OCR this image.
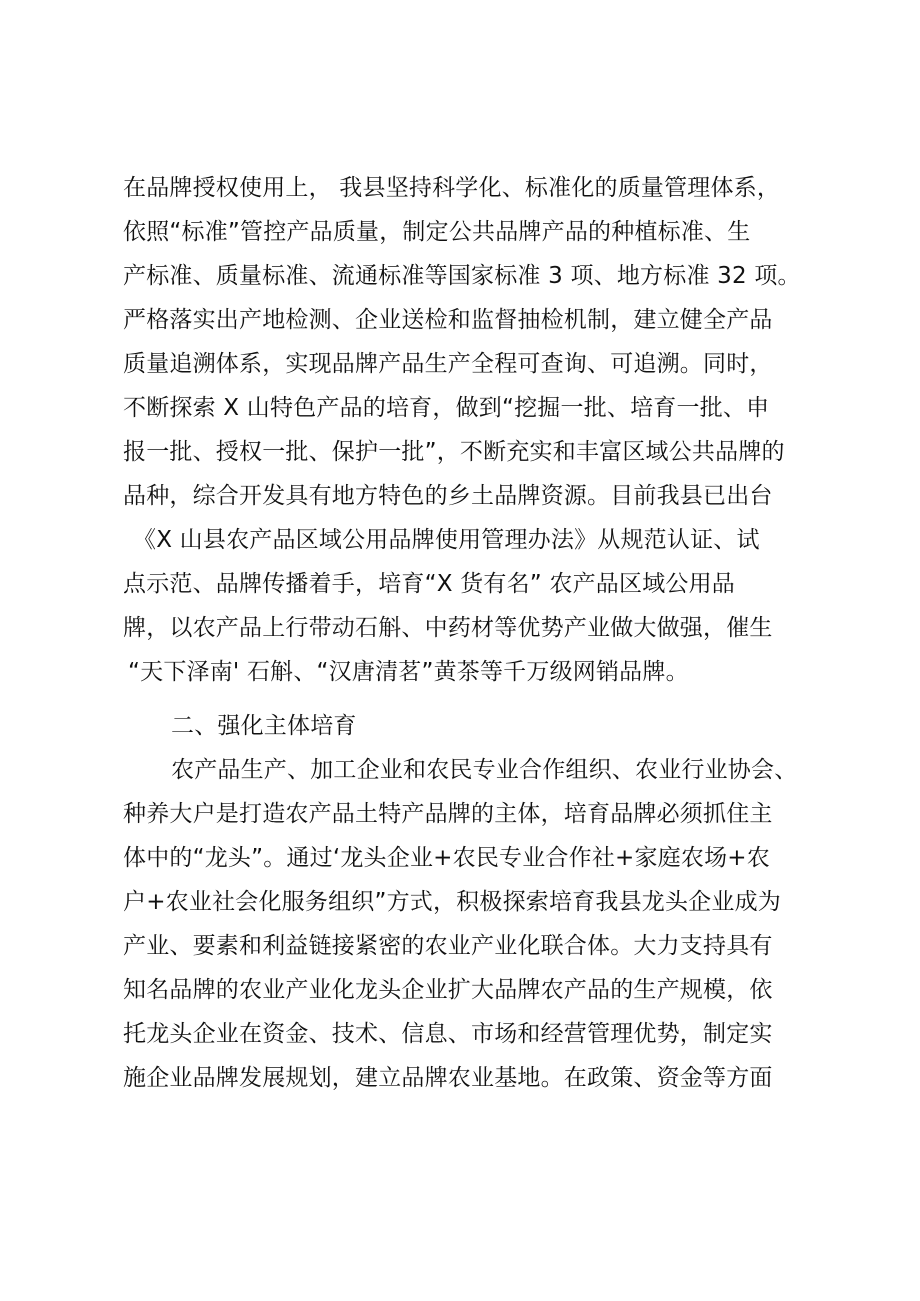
在品牌授权使用上， 我县坚持科学化、标准化的质量管理体系，
依照“标准”管控产品质量，制定公共品牌产品的种植标准、生
产标准、质量标准、流通标准等国家标准 3 项、地方标准 32 项。
严格落实出产地检测、企业送检和监督抽检机制，建立健全产品
质量追溯体系，实现品牌产品生产全程可查询、可追溯。同时，
不断探索 X 山特色产品的培育，做到“挖掘一批、培育一批、申
报一批、授权一批、保护一批”，不断充实和丰富区域公共品牌的
品种，综合开发具有地方特色的乡土品牌资源。目前我县已出台
《X 山县农产品区域公用品牌使用管理办法》从规范认证、试
点示范、品牌传播着手，培育“X 货有名” 农产品区域公用品
牌，以农产品上行带动石斛、中药材等优势产业做大做强，催生
“天下泽南' 石斛、“汉唐清茗”黄茶等千万级网销品牌。
二、强化主体培育
农产品生产、加工企业和农民专业合作组织、农业行业协会、
种养大户是打造农产品土特产品牌的主体，培育品牌必须抓住主
体中的“龙头”。通过‘龙头企业+农民专业合作社+家庭农场+农
户+农业社会化服务组织”方式，积极探索培育我县龙头企业成为
产业、要素和利益链接紧密的农业产业化联合体。大力支持具有
知名品牌的农业产业化龙头企业扩大品牌农产品的生产规模，依
托龙头企业在资金、技术、信息、市场和经营管理优势，制定实
施企业品牌发展规划，建立品牌农业基地。在政策、资金等方面
